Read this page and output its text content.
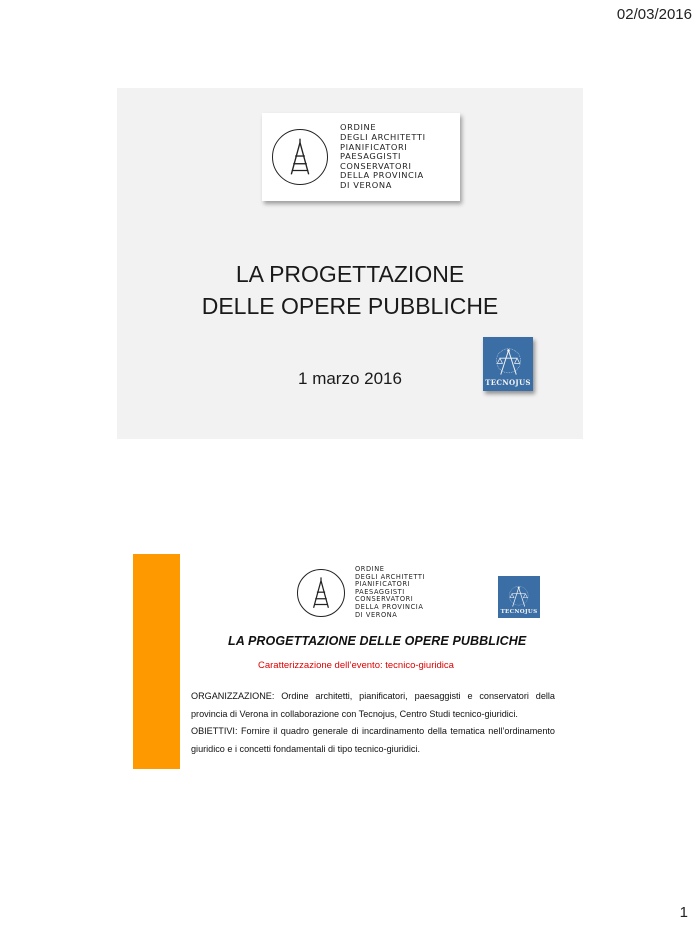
02/03/2016
ORDINE
DEGLI ARCHITETTI
PIANIFICATORI
PAESAGGISTI
CONSERVATORI
DELLA PROVINCIA
DI VERONA
LA PROGETTAZIONE
DELLE OPERE PUBBLICHE
1 marzo 2016	TECNOJUS
ORDINE
DEGLI ARCHITETTI
PIANIFICATORI
PAESAGGISTI
CONSERVATORI
DELLA PROVINCIA
DI VERONA	TECNOJUS
LA PROGETTAZIONE DELLE OPERE PUBBLICHE
Caratterizzazione dell’evento: tecnico-giuridica

ORGANIZZAZIONE: Ordine architetti, pianificatori, paesaggisti e conservatori della provincia di Verona in collaborazione con Tecnojus, Centro Studi tecnico-giuridici.

OBIETTIVI: Fornire il quadro generale di incardinamento della tematica nell’ordinamento giuridico e i concetti fondamentali di tipo tecnico-giuridici.

1
